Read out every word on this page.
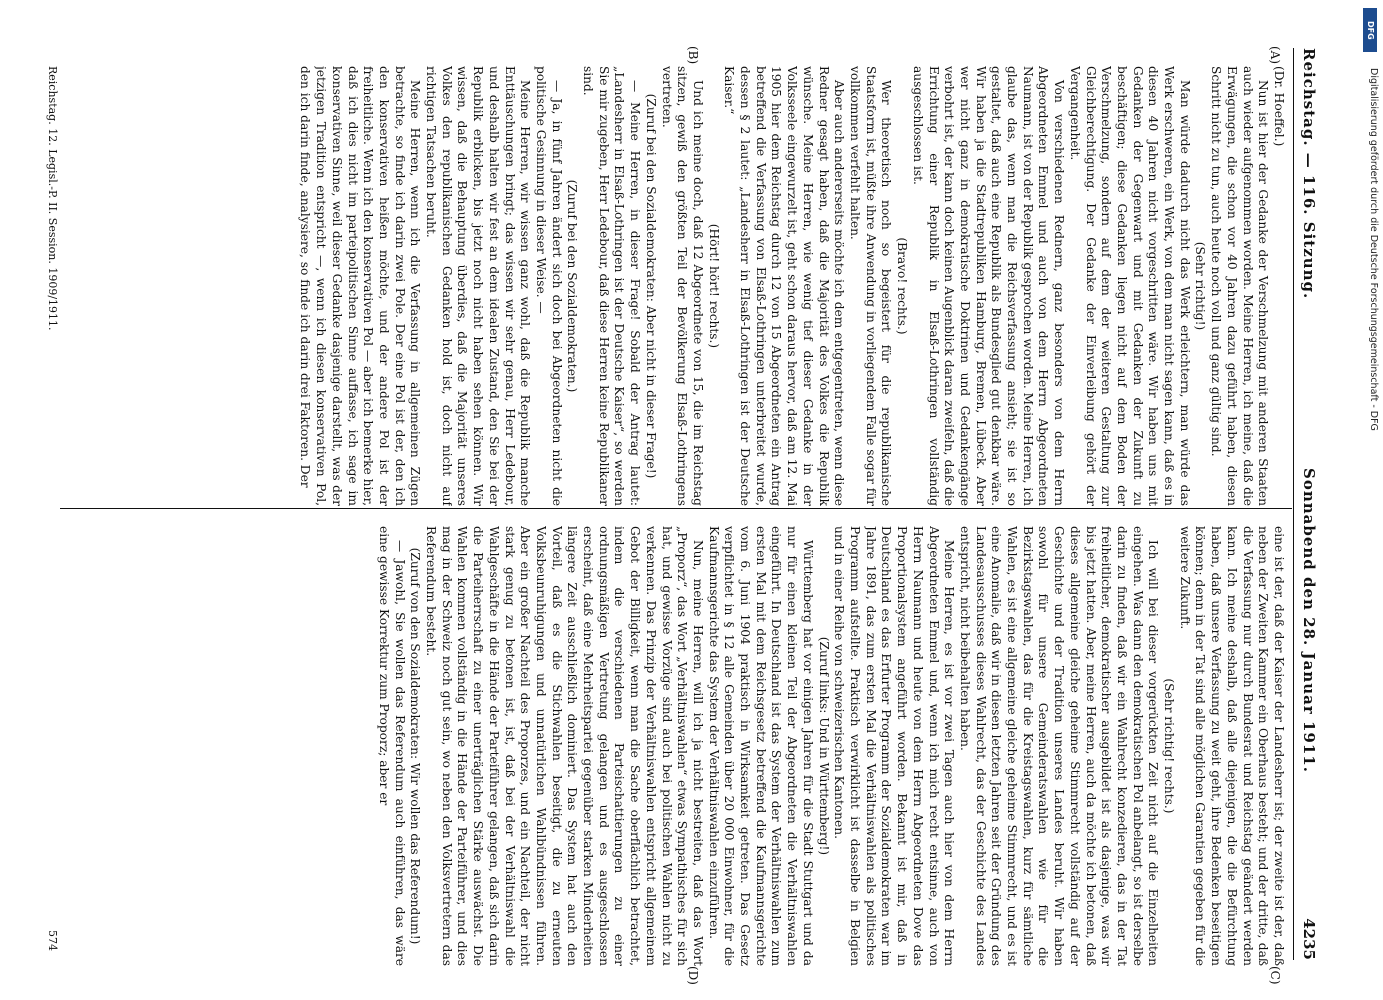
Reichstag. — 116. Sitzung.
Sonnabend den 28. Januar 1911.
4235
(A)
(B)
(C)
(D)

(Dr. Hoeffel.)

Nun ist hier der Gedanke der Verschmelzung mit anderen Staaten auch wieder aufgenommen worden. Meine Herren, ich meine, daß die Erwägungen, die schon vor 40 Jahren dazu geführt haben, diesen Schritt nicht zu tun, auch heute noch voll und ganz gültig sind.

(Sehr richtig!)

Man würde dadurch nicht das Werk erleichtern, man würde das Werk erschweren, ein Werk, von dem man nicht sagen kann, daß es in diesen 40 Jahren nicht vorgeschritten wäre. Wir haben uns mit Gedanken der Gegenwart und mit Gedanken der Zukunft zu beschäftigen; diese Gedanken liegen nicht auf dem Boden der Verschmelzung, sondern auf dem der weiteren Gestaltung zur Gleichberechtigung. Der Gedanke der Einverleibung gehört der Vergangenheit.

Von verschiedenen Rednern, ganz besonders von dem Herrn Abgeordneten Emmel und auch von dem Herrn Abgeordneten Naumann, ist von der Republik gesprochen worden. Meine Herren, ich glaube das, wenn man die Reichsverfassung ansieht; sie ist so gestaltet, daß auch eine Republik als Bundesglied gut denkbar wäre. Wir haben ja die Stadtrepubliken Hamburg, Bremen, Lübeck. Aber wer nicht ganz in demokratische Doktrinen und Gedankengänge verbohrt ist, der kann doch keinen Augenblick daran zweifeln, daß die Errichtung einer Republik in Elsaß-Lothringen vollständig ausgeschlossen ist.

(Bravo! rechts.)

Wer theoretisch noch so begeistert für die republikanische Staatsform ist, müßte ihre Anwendung in vorliegendem Falle sogar für vollkommen verfehlt halten.

Aber auch andererseits möchte ich dem entgegentreten, wenn diese Redner gesagt haben, daß die Majorität des Volkes die Republik wünsche. Meine Herren, wie wenig tief dieser Gedanke in der Volksseele eingewurzelt ist, geht schon daraus hervor, daß am 12. Mai 1905 hier dem Reichstag durch 12 von 15 Abgeordneten ein Antrag betreffend die Verfassung von Elsaß-Lothringen unterbreitet wurde, dessen § 2 lautet: „Landesherr in Elsaß-Lothringen ist der Deutsche Kaiser.“

(Hört! hört! rechts.)

Und ich meine doch, daß 12 Abgeordnete von 15, die im Reichstag sitzen, gewiß den größten Teil der Bevölkerung Elsaß-Lothringens vertreten.

(Zuruf bei den Sozialdemokraten: Aber nicht in dieser Frage!)

— Meine Herren, in dieser Frage! Sobald der Antrag lautet: „Landesherr in Elsaß-Lothringen ist der Deutsche Kaiser“, so werden Sie mir zugeben, Herr Ledebour, daß diese Herren keine Republikaner sind.

(Zuruf bei den Sozialdemokraten.)

— Ja, in fünf Jahren ändert sich doch bei Abgeordneten nicht die politische Gesinnung in dieser Weise. —

Meine Herren, wir wissen ganz wohl, daß die Republik manche Enttäuschungen bringt; das wissen wir sehr genau, Herr Ledebour, und deshalb halten wir fest an dem idealen Zustand, den Sie bei der Republik erblicken, bis jetzt noch nicht haben sehen können. Wir wissen, daß die Behauptung überdies, daß die Majorität unseres Volkes den republikanischen Gedanken hold ist, doch nicht auf richtigen Tatsachen beruht.

Meine Herren, wenn ich die Verfassung in allgemeinen Zügen betrachte, so finde ich darin zwei Pole. Der eine Pol ist der, den ich den konservativen heißen möchte, und der andere Pol ist der freiheitliche. Wenn ich den konservativen Pol — aber ich bemerke hier, daß ich dies nicht im parteipolitischen Sinne auffasse, ich sage im konservativen Sinne, weil dieser Gedanke dasjenige darstellt, was der jetzigen Tradition entspricht —, wenn ich diesen konservativen Pol, den ich darin finde, analysiere, so finde ich darin drei Faktoren. Der

eine ist der, daß der Kaiser der Landesherr ist; der zweite ist der, daß neben der Zweiten Kammer ein Oberhaus besteht; und der dritte, daß die Verfassung nur durch Bundesrat und Reichstag geändert werden kann. Ich meine deshalb, daß alle diejenigen, die die Befürchtung haben, daß unsere Verfassung zu weit geht, ihre Bedenken beseitigen können; denn in der Tat sind alle möglichen Garantien gegeben für die weitere Zukunft.

(Sehr richtig! rechts.)

Ich will bei dieser vorgerückten Zeit nicht auf die Einzelheiten eingehen. Was dann den demokratischen Pol anbelangt, so ist derselbe darin zu finden, daß wir ein Wahlrecht konzedieren, das in der Tat freiheitlicher, demokratischer ausgebildet ist als dasjenige, was wir bis jetzt hatten. Aber, meine Herren, auch da möchte ich betonen, daß dieses allgemeine gleiche geheime Stimmrecht vollständig auf der Geschichte und der Tradition unseres Landes beruht. Wir haben sowohl für unsere Gemeinderatswahlen wie für die Bezirkstagswahlen, das für die Kreistagswahlen, kurz für sämtliche Wahlen, es ist eine allgemeine gleiche geheime Stimmrecht, und es ist eine Anomalie, daß wir in diesen letzten Jahren seit der Gründung des Landesausschusses dieses Wahlrecht, das der Geschichte des Landes entspricht, nicht beibehalten haben.

Meine Herren, es ist vor zwei Tagen auch hier von dem Herrn Abgeordneten Emmel und, wenn ich mich recht entsinne, auch von Herrn Naumann und heute von dem Herrn Abgeordneten Dove das Proportionalsystem angeführt worden. Bekannt ist mir, daß in Deutschland es das Erfurter Programm der Sozialdemokraten war im Jahre 1891, das zum ersten Mal die Verhältniswahlen als politisches Programm aufstellte. Praktisch verwirklicht ist dasselbe in Belgien und in einer Reihe von schweizerischen Kantonen.

(Zuruf links: Und in Württemberg!)

Württemberg hat vor einigen Jahren für die Stadt Stuttgart und da nur für einen kleinen Teil der Abgeordneten die Verhältniswahlen eingeführt. In Deutschland ist das System der Verhältniswahlen zum ersten Mal mit dem Reichsgesetz betreffend die Kaufmannsgerichte vom 6. Juni 1904 praktisch in Wirksamkeit getreten. Das Gesetz verpflichtet in § 12 alle Gemeinden über 20 000 Einwohner, für die Kaufmannsgerichte das System der Verhältniswahlen einzuführen.

Nun, meine Herren, will ich ja nicht bestreiten, daß das Wort „Proporz“, das Wort „Verhältniswahlen“ etwas Sympathisches für sich hat, und gewisse Vorzüge sind auch bei politischen Wahlen nicht zu verkennen. Das Prinzip der Verhältniswahlen entspricht allgemeinem Gebot der Billigkeit, wenn man die Sache oberflächlich betrachtet, indem die verschiedenen Parteischattierungen zu einer ordnungsmäßigen Vertretung gelangen und es ausgeschlossen erscheint, daß eine Mehrheitspartei gegenüber starken Minderheiten längere Zeit ausschließlich dominiert. Das System hat auch den Vorteil, daß es die Stichwahlen beseitigt, die zu erneuten Volksbeunruhigungen und unnatürlichen Wahlbündnissen führen. Aber ein großer Nachteil des Proporzes, und ein Nachteil, der nicht stark genug zu betonen ist, ist, daß bei der Verhältniswahl die Wahlgeschäfte in die Hände der Parteiführer gelangen, daß sich darin die Parteiherrschaft zu einer unerträglichen Stärke auswächst. Die Wahlen kommen vollständig in die Hände der Parteiführer, und dies mag in der Schweiz noch gut sein, wo neben den Volksvertretern das Referendum besteht.

(Zuruf von den Sozialdemokraten: Wir wollen das Referendum!)

— Jawohl, Sie wollen das Referendum auch einführen, das wäre eine gewisse Korrektur zum Proporz; aber er

Reichstag. 12. Legisl.-P. II. Session. 1909/1911.
574
DFG
Digitalisierung gefördert durch die Deutsche Forschungsgemeinschaft - DFG
